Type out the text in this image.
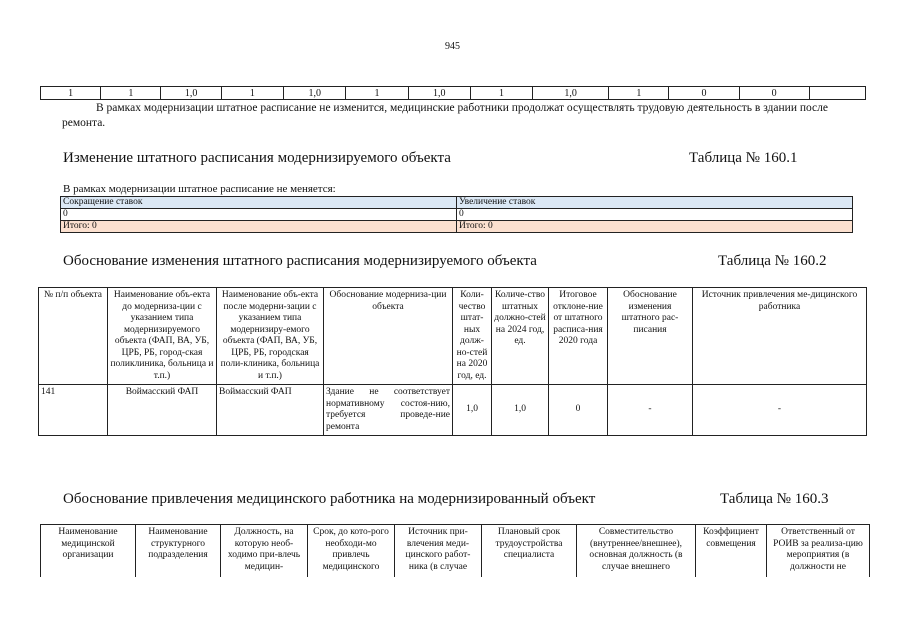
945
1	1	1,0	1	1,0	1	1,0	1	1,0	1	0	0	
В рамках модернизации штатное расписание не изменится, медицинские работники продолжат осуществлять трудовую деятельность в здании после ремонта.
Изменение штатного расписания модернизируемого объекта	Таблица № 160.1
В рамках модернизации штатное расписание не меняется:
Сокращение ставок	Увеличение ставок
0	0
Итого: 0	Итого: 0
Обоснование изменения штатного расписания модернизируемого объекта	Таблица № 160.2
№ п/п объекта	Наименование объ-екта до модерниза-ции с указанием типа модернизируемого объекта (ФАП, ВА, УБ, ЦРБ, РБ, город-ская поликлиника, больница и т.п.)	Наименование объ-екта после модерни-зации с указанием типа модернизиру-емого объекта (ФАП, ВА, УБ, ЦРБ, РБ, городская поли-клиника, больница и т.п.)	Обоснование модерниза-ции объекта	Коли-чество штат-ных долж-но-стей на 2020 год, ед.	Количе-ство штатных должно-стей на 2024 год, ед.	Итоговое отклоне-ние от штатного расписа-ния 2020 года	Обоснование изменения штатного рас-писания	Источник привлечения ме-дицинского работника
141	Воймасский ФАП	Воймасский ФАП	Здание не соответствует нормативному состоя-нию, требуется проведе-ние ремонта	1,0	1,0	0	-	-
Обоснование привлечения медицинского работника на модернизированный объект	Таблица № 160.3
Наименование медицинской организации	Наименование структурного подразделения	Должность, на которую необ-ходимо при-влечь медицин-	Срок, до кото-рого необходи-мо привлечь медицинского	Источник при-влечения меди-цинского работ-ника (в случае	Плановый срок трудоустройства специалиста	Совместительство (внутреннее/внешнее), основная должность (в случае внешнего	Коэффициент совмещения	Ответственный от РОИВ за реализа-цию мероприятия (в должности не
